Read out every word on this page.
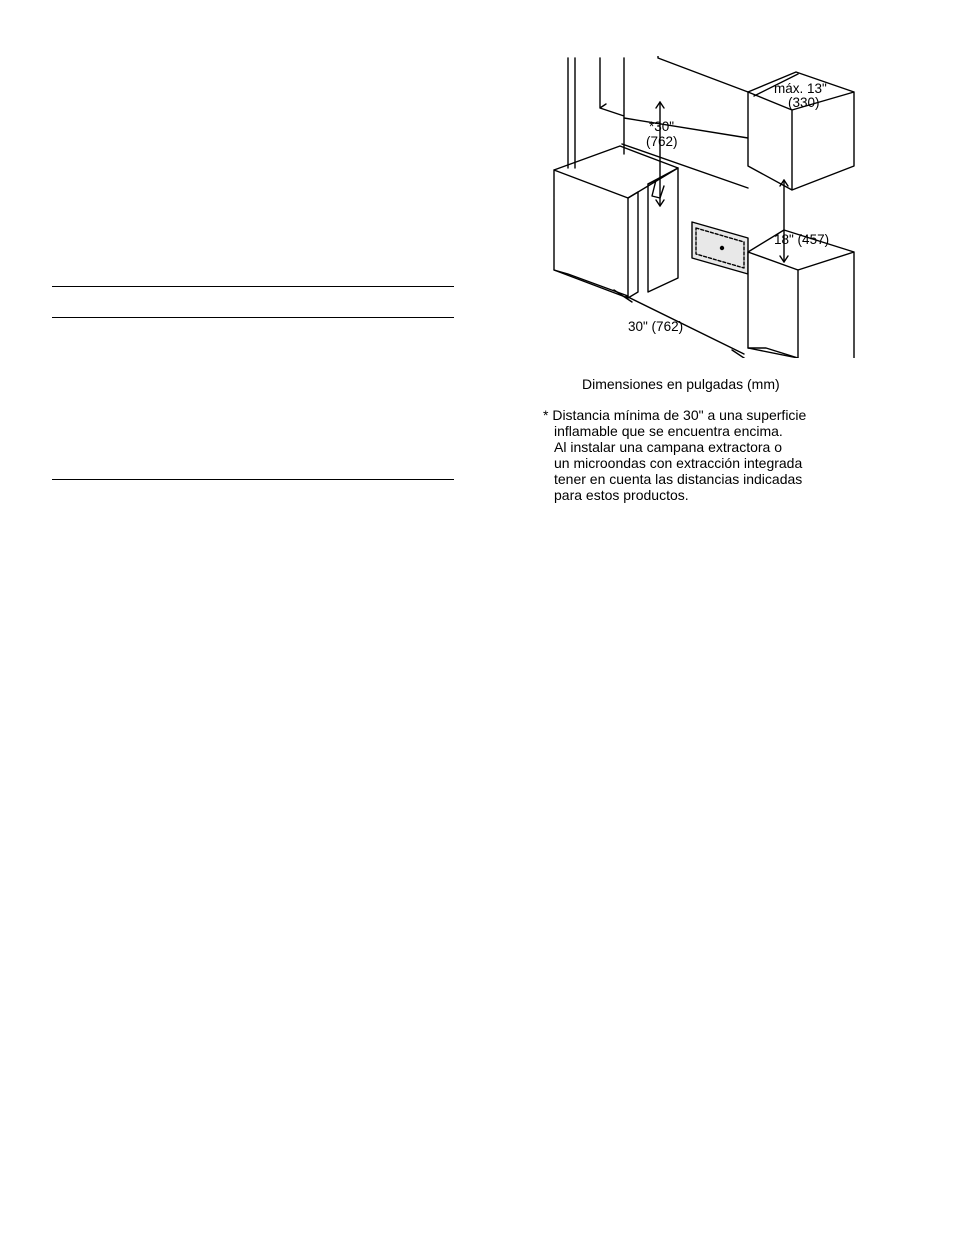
máx. 13"
(330)
*30"
(762)
18" (457)
30" (762)
Dimensiones en pulgadas (mm)
* Distancia mínima de 30" a una superficie
inflamable que se encuentra encima.
Al instalar una campana extractora o
un microondas con extracción integrada
tener en cuenta las distancias indicadas
para estos productos.
